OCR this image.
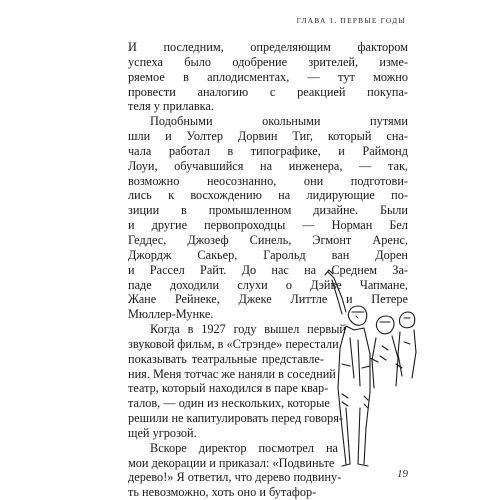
ГЛАВА 1. ПЕРВЫЕ ГОДЫ
И последним, определяющим фактором
успеха было одобрение зрителей, изме-
ряемое в аплодисментах, — тут можно
провести аналогию с реакцией покупа-
теля у прилавка.
Подобными окольными путями
шли и Уолтер Дорвин Тиг, который сна-
чала работал в типографике, и Раймонд
Лоуи, обучавшийся на инженера, — так,
возможно неосознанно, они подготови-
лись к восхождению на лидирующие по-
зиции в промышленном дизайне. Были
и другие первопроходцы — Норман Бел
Геддес, Джозеф Синель, Эгмонт Аренс,
Джордж Сакьер, Гарольд ван Дорен
и Рассел Райт. До нас на Среднем За-
паде доходили слухи о Дэйве Чапмане,
Жане Рейнеке, Джеке Литтле и Петере
Мюллер-Мунке.
Когда в 1927 году вышел первый
звуковой фильм, в «Стрэнде» перестали
показывать театральные представле-
ния. Меня тотчас же наняли в соседний
театр, который находился в паре квар-
талов, — один из нескольких, которые
решили не капитулировать перед говоря-
щей угрозой.
Вскоре директор посмотрел на
мои декорации и приказал: «Подвиньте
дерево!» Я ответил, что дерево подвину-
ть невозможно, хоть оно и бутафор-
19
